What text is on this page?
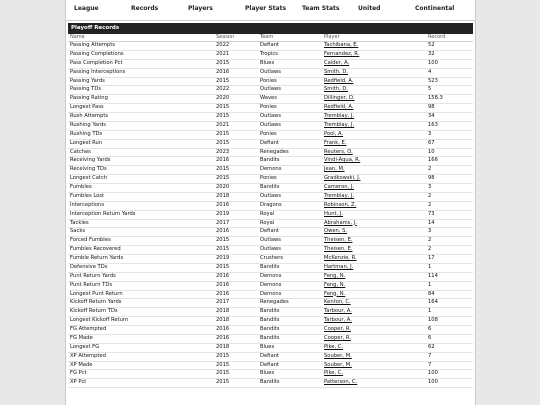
League	Records	Players	Player Stats	Team Stats	United	Continental
Playoff Records
Name	Season	Team	Player	Record
Passing Attempts	2022	Defiant	Tachibana, E.	52
Passing Completions	2021	Tropics	Fernandez, R.	32
Pass Completion Pct	2015	Blues	Calder, A.	100
Passing Interceptions	2016	Outlaws	Smith, D.	4
Passing Yards	2015	Ponies	Redfield, A.	523
Passing TDs	2022	Outlaws	Smith, D.	5
Passing Rating	2020	Waves	Dillinger, D.	158.3
Longest Pass	2015	Ponies	Redfield, A.	98
Rush Attempts	2015	Outlaws	Tremblay, J.	34
Rushing Yards	2021	Outlaws	Tremblay, J.	163
Rushing TDs	2015	Ponies	Pool, A.	3
Longest Run	2015	Defiant	Frank, E.	67
Catches	2023	Renegades	Reuters, O.	10
Receiving Yards	2016	Bandits	Vindi-Aqua, R.	166
Receiving TDs	2015	Demons	Jean, M.	2
Longest Catch	2015	Ponies	Gradkowski, J.	98
Fumbles	2020	Bandits	Cameron, J.	3
Fumbles Lost	2018	Outlaws	Tremblay, J.	2
Interceptions	2016	Dragons	Robinson, Z.	2
Interception Return Yards	2019	Royal	Hunt, J.	73
Tackles	2017	Royal	Abrahams, J.	14
Sacks	2016	Defiant	Owen, S.	3
Forced Fumbles	2015	Outlaws	Theisen, E.	2
Fumbles Recovered	2015	Outlaws	Theisen, E.	2
Fumble Return Yards	2019	Crushers	McKenzie, R.	17
Defensive TDs	2015	Bandits	Hartman, J.	1
Punt Return Yards	2016	Demons	Feng, N.	114
Punt Return TDs	2016	Demons	Feng, N.	1
Longest Punt Return	2016	Demons	Feng, N.	84
Kickoff Return Yards	2017	Renegades	Kenton, C.	164
Kickoff Return TDs	2018	Bandits	Tarbour, A.	1
Longest Kickoff Return	2018	Bandits	Tarbour, A.	108
FG Attempted	2016	Bandits	Cooper, R.	6
FG Made	2016	Bandits	Cooper, R.	6
Longest FG	2018	Blues	Pike, C.	62
XP Attempted	2015	Defiant	Souber, M.	7
XP Made	2015	Defiant	Souber, M.	7
FG Pct	2015	Blues	Pike, C.	100
XP Pct	2015	Bandits	Patterson, C.	100
